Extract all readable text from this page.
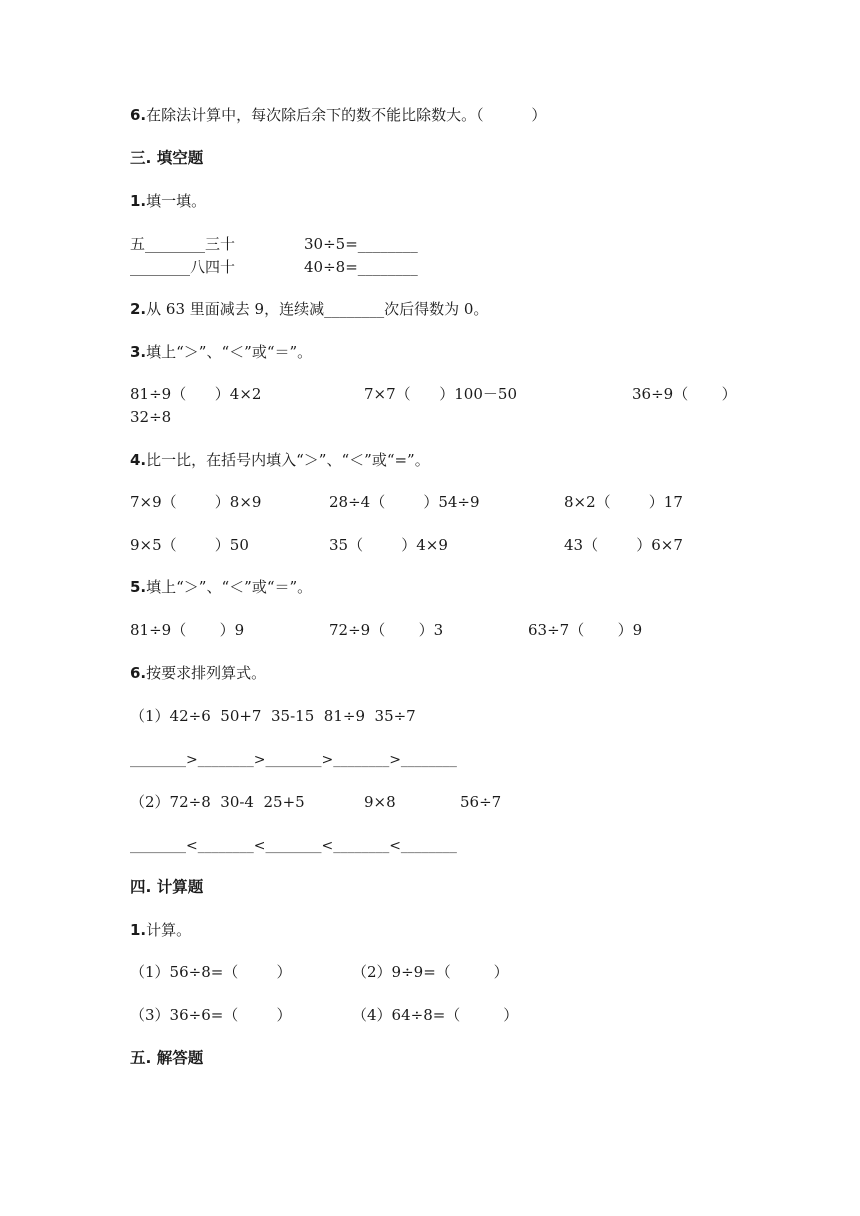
6.在除法计算中，每次除后余下的数不能比除数大。（          ）
三. 填空题
1.填一填。
五________三十	30÷5=________
________八四十	40÷8=________
2.从 63 里面减去 9，连续减________次后得数为 0。
3.填上“＞”、“＜”或“＝”。
81÷9（      ）4×2	7×7（      ）100－50	36÷9（       ）
32÷8
4.比一比，在括号内填入“＞”、“＜”或“=”。
7×9（        ）8×9	28÷4（        ）54÷9	8×2（        ）17
9×5（        ）50	35（        ）4×9	43（        ）6×7
5.填上“＞”、“＜”或“＝”。
81÷9（       ）9	72÷9（       ）3	63÷7（       ）9
6.按要求排列算式。
（1）42÷6  50+7  35-15  81÷9  35÷7
________>________>________>________>________
（2）72÷8  30-4  25+5	9×8	56÷7
________<________<________<________<________
四. 计算题
1.计算。
（1）56÷8=（        ）	（2）9÷9=（         ）
（3）36÷6=（        ）	（4）64÷8=（         ）
五. 解答题
